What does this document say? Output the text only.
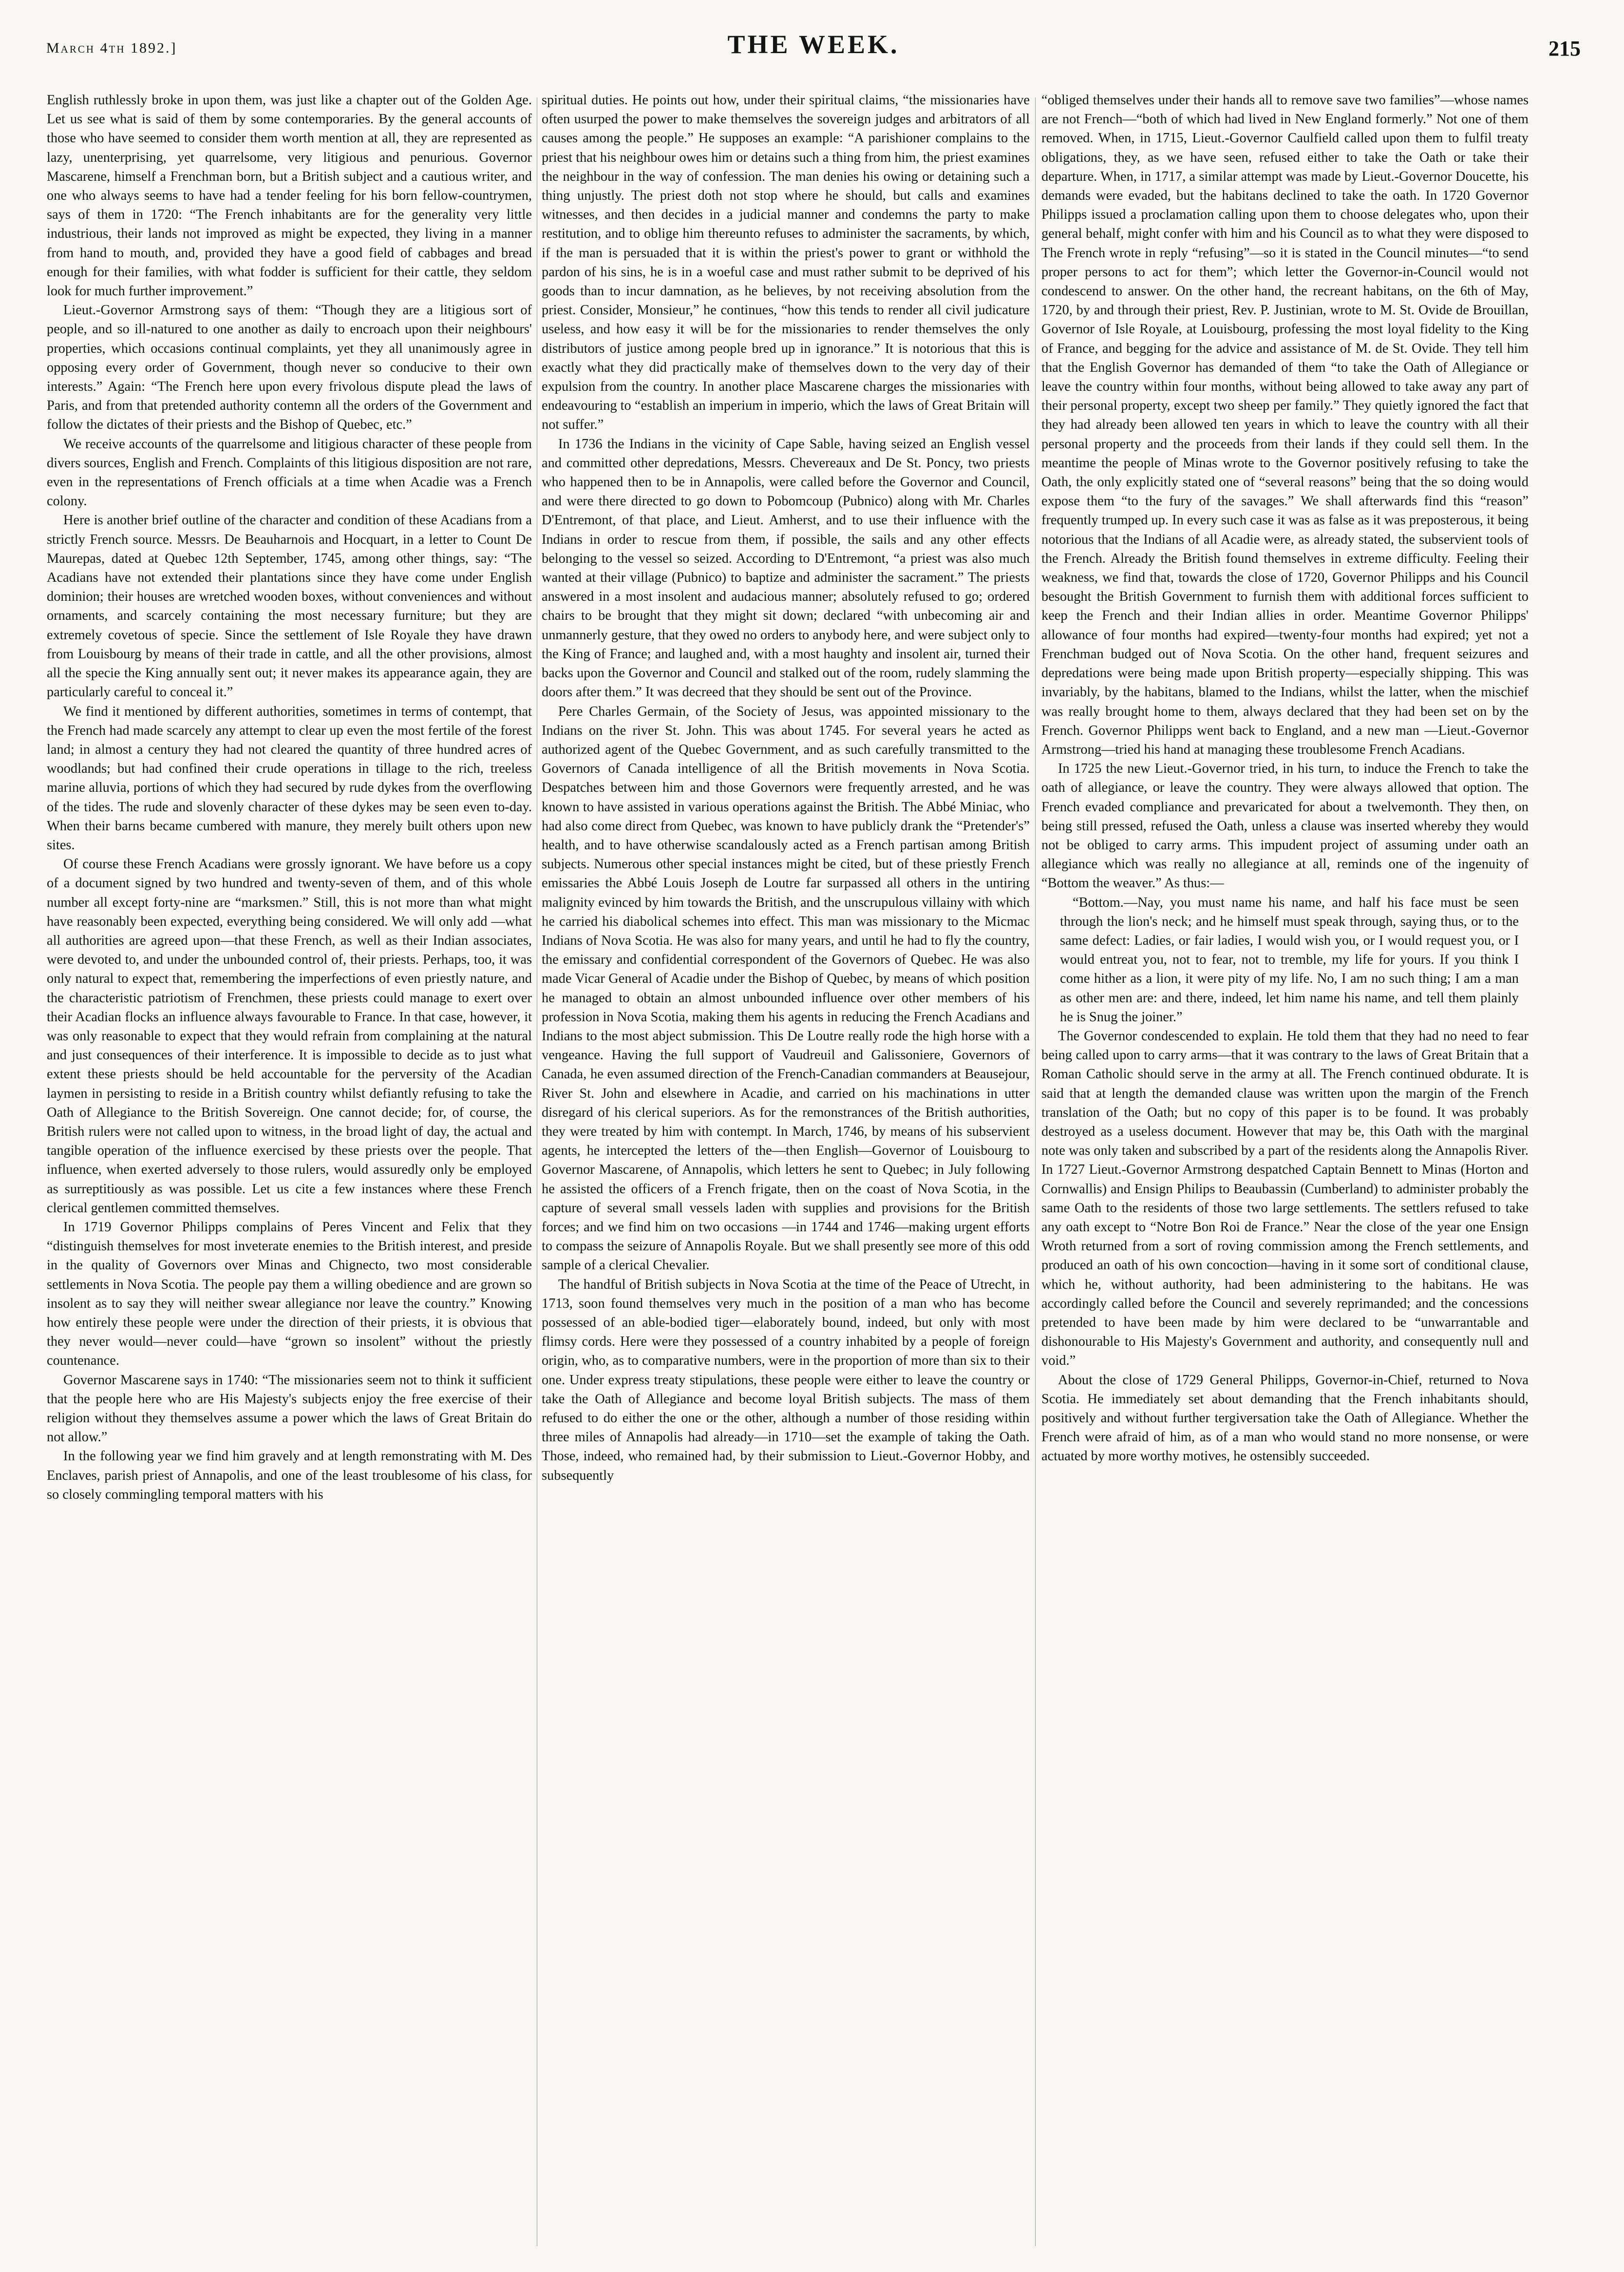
March 4th 1892.]	THE WEEK.	215

English ruthlessly broke in upon them, was just like a chapter out of the Golden Age. Let us see what is said of them by some contemporaries. By the general accounts of those who have seemed to consider them worth mention at all, they are represented as lazy, unenterprising, yet quarrelsome, very litigious and penurious. Governor Mascarene, himself a Frenchman born, but a British subject and a cautious writer, and one who always seems to have had a tender feeling for his born fellow-countrymen, says of them in 1720: “The French inhabitants are for the generality very little industrious, their lands not improved as might be expected, they living in a manner from hand to mouth, and, provided they have a good field of cabbages and bread enough for their families, with what fodder is sufficient for their cattle, they seldom look for much further improvement.”

Lieut.-Governor Armstrong says of them: “Though they are a litigious sort of people, and so ill-natured to one another as daily to encroach upon their neighbours' properties, which occasions continual complaints, yet they all unanimously agree in opposing every order of Government, though never so conducive to their own interests.” Again: “The French here upon every frivolous dispute plead the laws of Paris, and from that pretended authority contemn all the orders of the Government and follow the dictates of their priests and the Bishop of Quebec, etc.”

We receive accounts of the quarrelsome and litigious character of these people from divers sources, English and French. Complaints of this litigious disposition are not rare, even in the representations of French officials at a time when Acadie was a French colony.

Here is another brief outline of the character and condition of these Acadians from a strictly French source. Messrs. De Beauharnois and Hocquart, in a letter to Count De Maurepas, dated at Quebec 12th September, 1745, among other things, say: “The Acadians have not extended their plantations since they have come under English dominion; their houses are wretched wooden boxes, without conveniences and without ornaments, and scarcely containing the most necessary furniture; but they are extremely covetous of specie. Since the settlement of Isle Royale they have drawn from Louisbourg by means of their trade in cattle, and all the other provisions, almost all the specie the King annually sent out; it never makes its appearance again, they are particularly careful to conceal it.”

We find it mentioned by different authorities, sometimes in terms of contempt, that the French had made scarcely any attempt to clear up even the most fertile of the forest land; in almost a century they had not cleared the quantity of three hundred acres of woodlands; but had confined their crude operations in tillage to the rich, treeless marine alluvia, portions of which they had secured by rude dykes from the overflowing of the tides. The rude and slovenly character of these dykes may be seen even to-day. When their barns became cumbered with manure, they merely built others upon new sites.

Of course these French Acadians were grossly ignorant. We have before us a copy of a document signed by two hundred and twenty-seven of them, and of this whole number all except forty-nine are “marksmen.” Still, this is not more than what might have reasonably been expected, everything being considered. We will only add —what all authorities are agreed upon—that these French, as well as their Indian associates, were devoted to, and under the unbounded control of, their priests. Perhaps, too, it was only natural to expect that, remembering the imperfections of even priestly nature, and the characteristic patriotism of Frenchmen, these priests could manage to exert over their Acadian flocks an influence always favourable to France. In that case, however, it was only reasonable to expect that they would refrain from complaining at the natural and just consequences of their interference. It is impossible to decide as to just what extent these priests should be held accountable for the perversity of the Acadian laymen in persisting to reside in a British country whilst defiantly refusing to take the Oath of Allegiance to the British Sovereign. One cannot decide; for, of course, the British rulers were not called upon to witness, in the broad light of day, the actual and tangible operation of the influence exercised by these priests over the people. That influence, when exerted adversely to those rulers, would assuredly only be employed as surreptitiously as was possible. Let us cite a few instances where these French clerical gentlemen committed themselves.

In 1719 Governor Philipps complains of Peres Vincent and Felix that they “distinguish themselves for most inveterate enemies to the British interest, and preside in the quality of Governors over Minas and Chignecto, two most considerable settlements in Nova Scotia. The people pay them a willing obedience and are grown so insolent as to say they will neither swear allegiance nor leave the country.” Knowing how entirely these people were under the direction of their priests, it is obvious that they never would—never could—have “grown so insolent” without the priestly countenance.

Governor Mascarene says in 1740: “The missionaries seem not to think it sufficient that the people here who are His Majesty's subjects enjoy the free exercise of their religion without they themselves assume a power which the laws of Great Britain do not allow.”

In the following year we find him gravely and at length remonstrating with M. Des Enclaves, parish priest of Annapolis, and one of the least troublesome of his class, for so closely commingling temporal matters with his

spiritual duties. He points out how, under their spiritual claims, “the missionaries have often usurped the power to make themselves the sovereign judges and arbitrators of all causes among the people.” He supposes an example: “A parishioner complains to the priest that his neighbour owes him or detains such a thing from him, the priest examines the neighbour in the way of confession. The man denies his owing or detaining such a thing unjustly. The priest doth not stop where he should, but calls and examines witnesses, and then decides in a judicial manner and condemns the party to make restitution, and to oblige him thereunto refuses to administer the sacraments, by which, if the man is persuaded that it is within the priest's power to grant or withhold the pardon of his sins, he is in a woeful case and must rather submit to be deprived of his goods than to incur damnation, as he believes, by not receiving absolution from the priest. Consider, Monsieur,” he continues, “how this tends to render all civil judicature useless, and how easy it will be for the missionaries to render themselves the only distributors of justice among people bred up in ignorance.” It is notorious that this is exactly what they did practically make of themselves down to the very day of their expulsion from the country. In another place Mascarene charges the missionaries with endeavouring to “establish an imperium in imperio, which the laws of Great Britain will not suffer.”

In 1736 the Indians in the vicinity of Cape Sable, having seized an English vessel and committed other depredations, Messrs. Chevereaux and De St. Poncy, two priests who happened then to be in Annapolis, were called before the Governor and Council, and were there directed to go down to Pobomcoup (Pubnico) along with Mr. Charles D'Entremont, of that place, and Lieut. Amherst, and to use their influence with the Indians in order to rescue from them, if possible, the sails and any other effects belonging to the vessel so seized. According to D'Entremont, “a priest was also much wanted at their village (Pubnico) to baptize and administer the sacrament.” The priests answered in a most insolent and audacious manner; absolutely refused to go; ordered chairs to be brought that they might sit down; declared “with unbecoming air and unmannerly gesture, that they owed no orders to anybody here, and were subject only to the King of France; and laughed and, with a most haughty and insolent air, turned their backs upon the Governor and Council and stalked out of the room, rudely slamming the doors after them.” It was decreed that they should be sent out of the Province.

Pere Charles Germain, of the Society of Jesus, was appointed missionary to the Indians on the river St. John. This was about 1745. For several years he acted as authorized agent of the Quebec Government, and as such carefully transmitted to the Governors of Canada intelligence of all the British movements in Nova Scotia. Despatches between him and those Governors were frequently arrested, and he was known to have assisted in various operations against the British. The Abbé Miniac, who had also come direct from Quebec, was known to have publicly drank the “Pretender's” health, and to have otherwise scandalously acted as a French partisan among British subjects. Numerous other special instances might be cited, but of these priestly French emissaries the Abbé Louis Joseph de Loutre far surpassed all others in the untiring malignity evinced by him towards the British, and the unscrupulous villainy with which he carried his diabolical schemes into effect. This man was missionary to the Micmac Indians of Nova Scotia. He was also for many years, and until he had to fly the country, the emissary and confidential correspondent of the Governors of Quebec. He was also made Vicar General of Acadie under the Bishop of Quebec, by means of which position he managed to obtain an almost unbounded influence over other members of his profession in Nova Scotia, making them his agents in reducing the French Acadians and Indians to the most abject submission. This De Loutre really rode the high horse with a vengeance. Having the full support of Vaudreuil and Galissoniere, Governors of Canada, he even assumed direction of the French-Canadian commanders at Beausejour, River St. John and elsewhere in Acadie, and carried on his machinations in utter disregard of his clerical superiors. As for the remonstrances of the British authorities, they were treated by him with contempt. In March, 1746, by means of his subservient agents, he intercepted the letters of the—then English—Governor of Louisbourg to Governor Mascarene, of Annapolis, which letters he sent to Quebec; in July following he assisted the officers of a French frigate, then on the coast of Nova Scotia, in the capture of several small vessels laden with supplies and provisions for the British forces; and we find him on two occasions —in 1744 and 1746—making urgent efforts to compass the seizure of Annapolis Royale. But we shall presently see more of this odd sample of a clerical Chevalier.

The handful of British subjects in Nova Scotia at the time of the Peace of Utrecht, in 1713, soon found themselves very much in the position of a man who has become possessed of an able-bodied tiger—elaborately bound, indeed, but only with most flimsy cords. Here were they possessed of a country inhabited by a people of foreign origin, who, as to comparative numbers, were in the proportion of more than six to their one. Under express treaty stipulations, these people were either to leave the country or take the Oath of Allegiance and become loyal British subjects. The mass of them refused to do either the one or the other, although a number of those residing within three miles of Annapolis had already—in 1710—set the example of taking the Oath. Those, indeed, who remained had, by their submission to Lieut.-Governor Hobby, and subsequently

“obliged themselves under their hands all to remove save two families”—whose names are not French—“both of which had lived in New England formerly.” Not one of them removed. When, in 1715, Lieut.-Governor Caulfield called upon them to fulfil treaty obligations, they, as we have seen, refused either to take the Oath or take their departure. When, in 1717, a similar attempt was made by Lieut.-Governor Doucette, his demands were evaded, but the habitans declined to take the oath. In 1720 Governor Philipps issued a proclamation calling upon them to choose delegates who, upon their general behalf, might confer with him and his Council as to what they were disposed to The French wrote in reply “refusing”—so it is stated in the Council minutes—“to send proper persons to act for them”; which letter the Governor-in-Council would not condescend to answer. On the other hand, the recreant habitans, on the 6th of May, 1720, by and through their priest, Rev. P. Justinian, wrote to M. St. Ovide de Brouillan, Governor of Isle Royale, at Louisbourg, professing the most loyal fidelity to the King of France, and begging for the advice and assistance of M. de St. Ovide. They tell him that the English Governor has demanded of them “to take the Oath of Allegiance or leave the country within four months, without being allowed to take away any part of their personal property, except two sheep per family.” They quietly ignored the fact that they had already been allowed ten years in which to leave the country with all their personal property and the proceeds from their lands if they could sell them. In the meantime the people of Minas wrote to the Governor positively refusing to take the Oath, the only explicitly stated one of “several reasons” being that the so doing would expose them “to the fury of the savages.” We shall afterwards find this “reason” frequently trumped up. In every such case it was as false as it was preposterous, it being notorious that the Indians of all Acadie were, as already stated, the subservient tools of the French. Already the British found themselves in extreme difficulty. Feeling their weakness, we find that, towards the close of 1720, Governor Philipps and his Council besought the British Government to furnish them with additional forces sufficient to keep the French and their Indian allies in order. Meantime Governor Philipps' allowance of four months had expired—twenty-four months had expired; yet not a Frenchman budged out of Nova Scotia. On the other hand, frequent seizures and depredations were being made upon British property—especially shipping. This was invariably, by the habitans, blamed to the Indians, whilst the latter, when the mischief was really brought home to them, always declared that they had been set on by the French. Governor Philipps went back to England, and a new man —Lieut.-Governor Armstrong—tried his hand at managing these troublesome French Acadians.

In 1725 the new Lieut.-Governor tried, in his turn, to induce the French to take the oath of allegiance, or leave the country. They were always allowed that option. The French evaded compliance and prevaricated for about a twelvemonth. They then, on being still pressed, refused the Oath, unless a clause was inserted whereby they would not be obliged to carry arms. This impudent project of assuming under oath an allegiance which was really no allegiance at all, reminds one of the ingenuity of “Bottom the weaver.” As thus:—

“Bottom.—Nay, you must name his name, and half his face must be seen through the lion's neck; and he himself must speak through, saying thus, or to the same defect: Ladies, or fair ladies, I would wish you, or I would request you, or I would entreat you, not to fear, not to tremble, my life for yours. If you think I come hither as a lion, it were pity of my life. No, I am no such thing; I am a man as other men are: and there, indeed, let him name his name, and tell them plainly he is Snug the joiner.”

The Governor condescended to explain. He told them that they had no need to fear being called upon to carry arms—that it was contrary to the laws of Great Britain that a Roman Catholic should serve in the army at all. The French continued obdurate. It is said that at length the demanded clause was written upon the margin of the French translation of the Oath; but no copy of this paper is to be found. It was probably destroyed as a useless document. However that may be, this Oath with the marginal note was only taken and subscribed by a part of the residents along the Annapolis River. In 1727 Lieut.-Governor Armstrong despatched Captain Bennett to Minas (Horton and Cornwallis) and Ensign Philips to Beaubassin (Cumberland) to administer probably the same Oath to the residents of those two large settlements. The settlers refused to take any oath except to “Notre Bon Roi de France.” Near the close of the year one Ensign Wroth returned from a sort of roving commission among the French settlements, and produced an oath of his own concoction—having in it some sort of conditional clause, which he, without authority, had been administering to the habitans. He was accordingly called before the Council and severely reprimanded; and the concessions pretended to have been made by him were declared to be “unwarrantable and dishonourable to His Majesty's Government and authority, and consequently null and void.”

About the close of 1729 General Philipps, Governor-in-Chief, returned to Nova Scotia. He immediately set about demanding that the French inhabitants should, positively and without further tergiversation take the Oath of Allegiance. Whether the French were afraid of him, as of a man who would stand no more nonsense, or were actuated by more worthy motives, he ostensibly succeeded.
